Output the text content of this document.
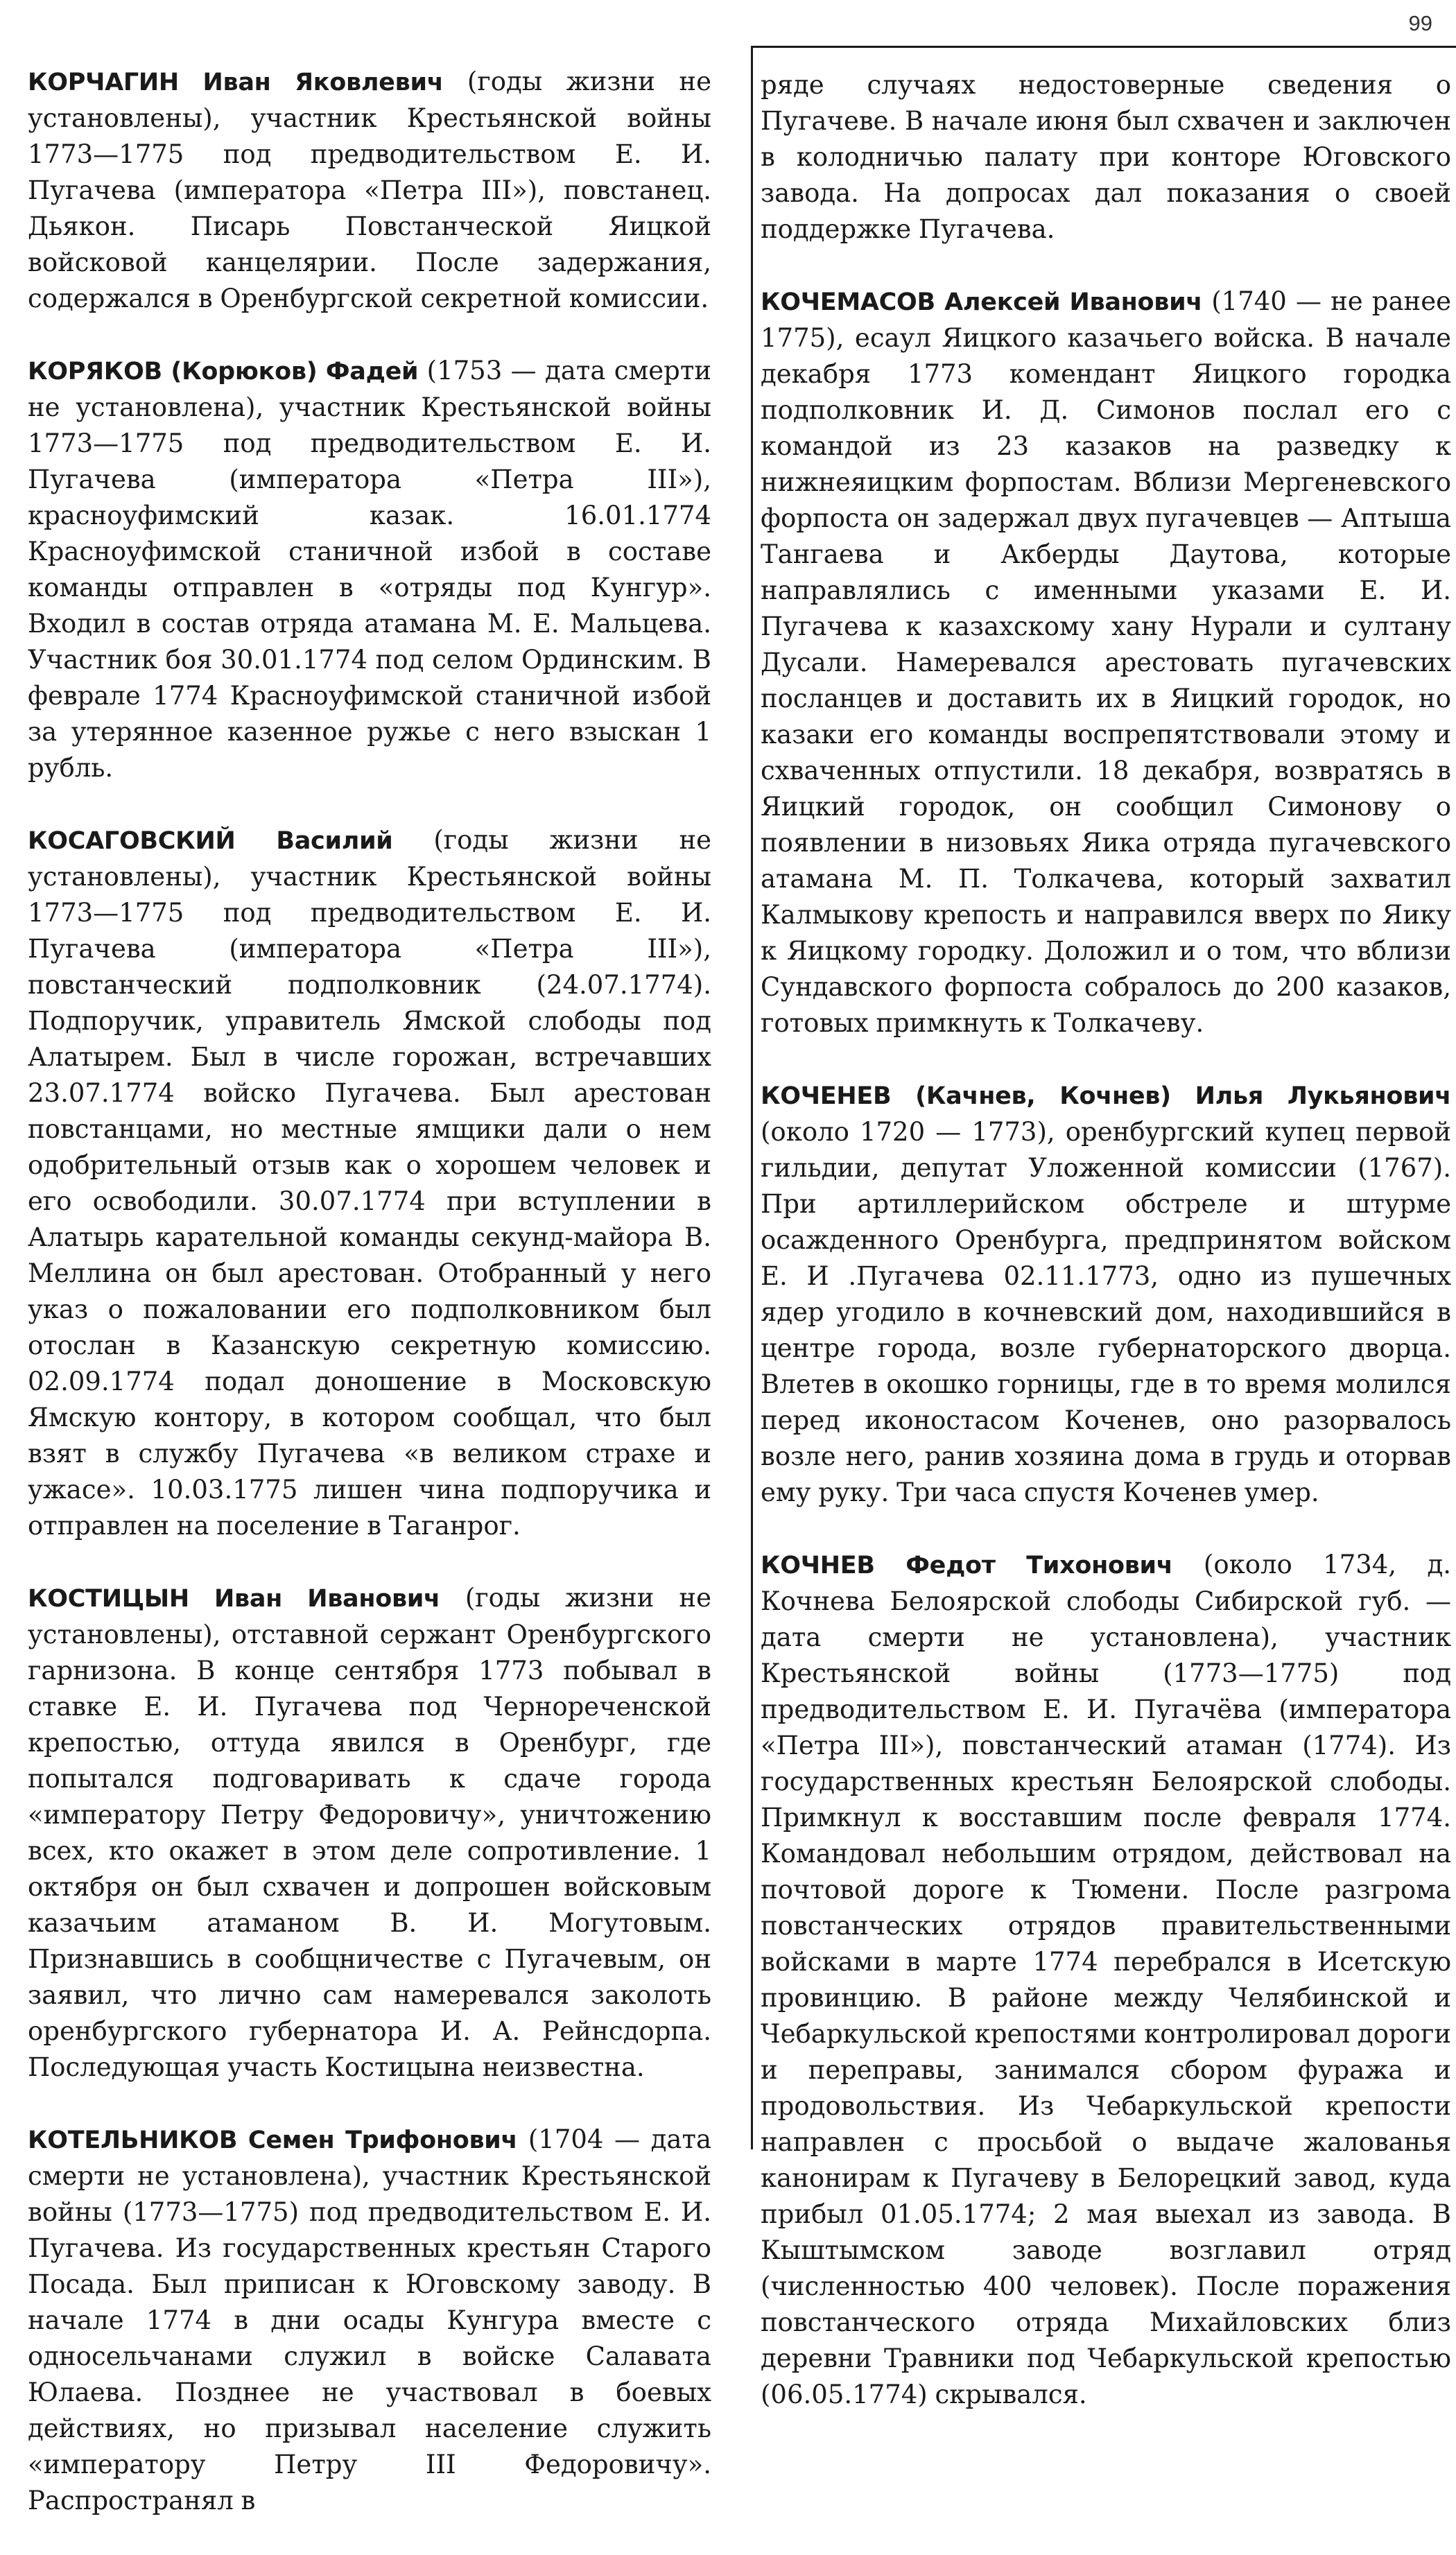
99

КОРЧАГИН Иван Яковлевич (годы жизни не установлены), участник Крестьянской войны 1773—1775 под предводительством Е. И. Пугачева (императора «Петра III»), повстанец. Дьякон. Писарь Повстанческой Яицкой войсковой канцелярии. После задержания, содержался в Оренбургской секретной комиссии.

КОРЯКОВ (Корюков) Фадей (1753 — дата смерти не установлена), участник Крестьянской войны 1773—1775 под предводительством Е. И. Пугачева (императора «Петра III»), красноуфимский казак. 16.01.1774 Красноуфимской станичной избой в составе команды отправлен в «отряды под Кунгур». Входил в состав отряда атамана М. Е. Мальцева. Участник боя 30.01.1774 под селом Ординским. В феврале 1774 Красноуфимской станичной избой за утерянное казенное ружье с него взыскан 1 рубль.

КОСАГОВСКИЙ Василий (годы жизни не установлены), участник Крестьянской войны 1773—1775 под предводительством Е. И. Пугачева (императора «Петра III»), повстанческий подполковник (24.07.1774). Подпоручик, управитель Ямской слободы под Алатырем. Был в числе горожан, встречавших 23.07.1774 войско Пугачева. Был арестован повстанцами, но местные ямщики дали о нем одобрительный отзыв как о хорошем человек и его освободили. 30.07.1774 при вступлении в Алатырь карательной команды секунд-майора В. Меллина он был арестован. Отобранный у него указ о пожаловании его подполковником был отослан в Казанскую секретную комиссию. 02.09.1774 подал доношение в Московскую Ямскую контору, в котором сообщал, что был взят в службу Пугачева «в великом страхе и ужасе». 10.03.1775 лишен чина подпоручика и отправлен на поселение в Таганрог.

КОСТИЦЫН Иван Иванович (годы жизни не установлены), отставной сержант Оренбургского гарнизона. В конце сентября 1773 побывал в ставке Е. И. Пугачева под Чернореченской крепостью, оттуда явился в Оренбург, где попытался подговаривать к сдаче города «императору Петру Федоровичу», уничтожению всех, кто окажет в этом деле сопротивление. 1 октября он был схвачен и допрошен войсковым казачьим атаманом В. И. Могутовым. Признавшись в сообщничестве с Пугачевым, он заявил, что лично сам намеревался заколоть оренбургского губернатора И. А. Рейнсдорпа. Последующая участь Костицына неизвестна.

КОТЕЛЬНИКОВ Семен Трифонович (1704 — дата смерти не установлена), участник Крестьянской войны (1773—1775) под предводительством Е. И. Пугачева. Из государственных крестьян Старого Посада. Был приписан к Юговскому заводу. В начале 1774 в дни осады Кунгура вместе с односельчанами служил в войске Салавата Юлаева. Позднее не участвовал в боевых действиях, но призывал население служить «императору Петру III Федоровичу». Распространял в

ряде случаях недостоверные сведения о Пугачеве. В начале июня был схвачен и заключен в колодничью палату при конторе Юговского завода. На допросах дал показания о своей поддержке Пугачева.

КОЧЕМАСОВ Алексей Иванович (1740 — не ранее 1775), есаул Яицкого казачьего войска. В начале декабря 1773 комендант Яицкого городка подполковник И. Д. Симонов послал его с командой из 23 казаков на разведку к нижнеяицким форпостам. Вблизи Мергеневского форпоста он задержал двух пугачевцев — Аптыша Тангаева и Акберды Даутова, которые направлялись с именными указами Е. И. Пугачева к казахскому хану Нурали и султану Дусали. Намеревался арестовать пугачевских посланцев и доставить их в Яицкий городок, но казаки его команды воспрепятствовали этому и схваченных отпустили. 18 декабря, возвратясь в Яицкий городок, он сообщил Симонову о появлении в низовьях Яика отряда пугачевского атамана М. П. Толкачева, который захватил Калмыкову крепость и направился вверх по Яику к Яицкому городку. Доложил и о том, что вблизи Сундавского форпоста собралось до 200 казаков, готовых примкнуть к Толкачеву.

КОЧЕНЕВ (Качнев, Кочнев) Илья Лукьянович (около 1720 — 1773), оренбургский купец первой гильдии, депутат Уложенной комиссии (1767). При артиллерийском обстреле и штурме осажденного Оренбурга, предпринятом войском Е. И .Пугачева 02.11.1773, одно из пушечных ядер угодило в кочневский дом, находившийся в центре города, возле губернаторского дворца. Влетев в окошко горницы, где в то время молился перед иконостасом Коченев, оно разорвалось возле него, ранив хозяина дома в грудь и оторвав ему руку. Три часа спустя Коченев умер.

КОЧНЕВ Федот Тихонович (около 1734, д. Кочнева Белоярской слободы Сибирской губ. — дата смерти не установлена), участник Крестьянской войны (1773—1775) под предводительством Е. И. Пугачёва (императора «Петра III»), повстанческий атаман (1774). Из государственных крестьян Белоярской слободы. Примкнул к восставшим после февраля 1774. Командовал небольшим отрядом, действовал на почтовой дороге к Тюмени. После разгрома повстанческих отрядов правительственными войсками в марте 1774 перебрался в Исетскую провинцию. В районе между Челябинской и Чебаркульской крепостями контролировал дороги и переправы, занимался сбором фуража и продовольствия. Из Чебаркульской крепости направлен с просьбой о выдаче жалованья канонирам к Пугачеву в Белорецкий завод, куда прибыл 01.05.1774; 2 мая выехал из завода. В Кыштымском заводе возглавил отряд (численностью 400 человек). После поражения повстанческого отряда Михайловских близ деревни Травники под Чебаркульской крепостью (06.05.1774) скрывался.
